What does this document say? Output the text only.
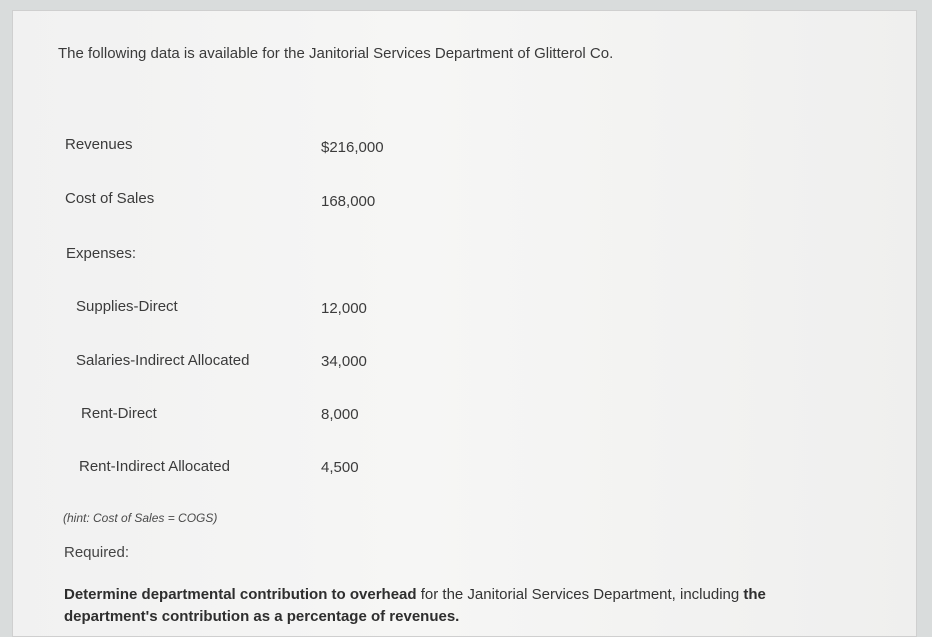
The following data is available for the Janitorial Services Department of Glitterol Co.
Revenues	$216,000
Cost of Sales	168,000
Expenses:
Supplies-Direct	12,000
Salaries-Indirect Allocated	34,000
Rent-Direct	8,000
Rent-Indirect Allocated	4,500
(hint: Cost of Sales = COGS)
Required:
Determine departmental contribution to overhead for the Janitorial Services Department, including the department's contribution as a percentage of revenues.
